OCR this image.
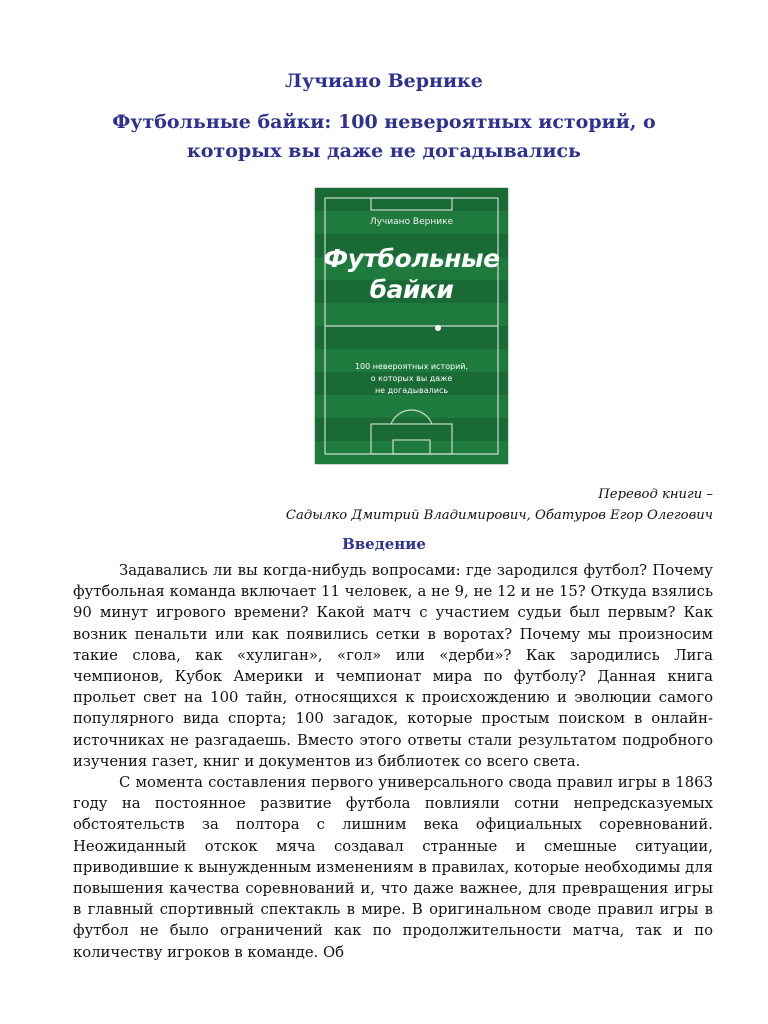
Лучиано Вернике
Футбольные байки: 100 невероятных историй, о
которых вы даже не догадывались
Лучиано Вернике
Футбольные
байки
100 невероятных историй,
о которых вы даже
не догадывались

Перевод книги –
Садылко Дмитрий Владимирович, Обатуров Егор Олегович

Введение

Задавались ли вы когда-нибудь вопросами: где зародился футбол? Почему футбольная команда включает 11 человек, а не 9, не 12 и не 15? Откуда взялись 90 минут игрового времени? Какой матч с участием судьи был первым? Как возник пенальти или как появились сетки в воротах? Почему мы произносим такие слова, как «хулиган», «гол» или «дерби»? Как зародились Лига чемпионов, Кубок Америки и чемпионат мира по футболу? Данная книга прольет свет на 100 тайн, относящихся к происхождению и эволюции самого популярного вида спорта; 100 загадок, которые простым поиском в онлайн-источниках не разгадаешь. Вместо этого ответы стали результатом подробного изучения газет, книг и документов из библиотек со всего света.

С момента составления первого универсального свода правил игры в 1863 году на постоянное развитие футбола повлияли сотни непредсказуемых обстоятельств за полтора с лишним века официальных соревнований. Неожиданный отскок мяча создавал странные и смешные ситуации, приводившие к вынужденным изменениям в правилах, которые необходимы для повышения качества соревнований и, что даже важнее, для превращения игры в главный спортивный спектакль в мире. В оригинальном своде правил игры в футбол не было ограничений как по продолжительности матча, так и по количеству игроков в команде. Об
